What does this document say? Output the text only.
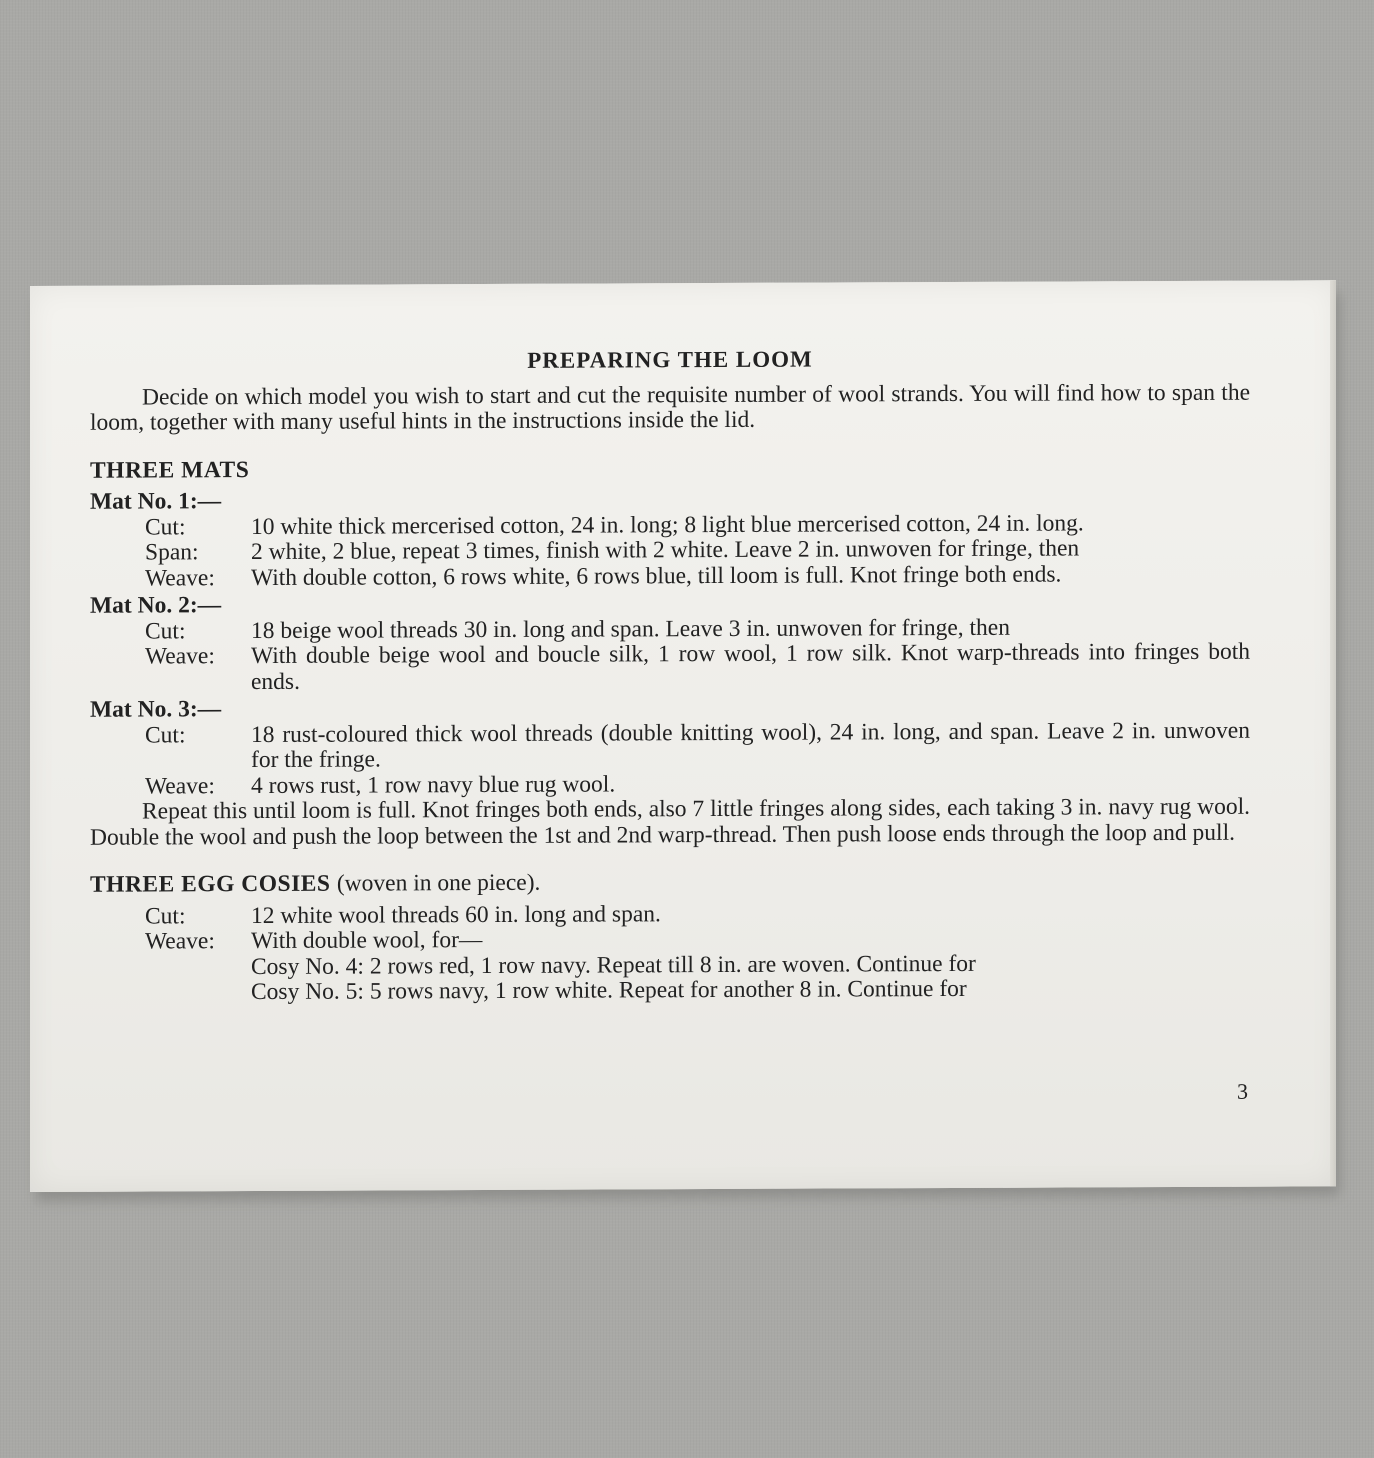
PREPARING THE LOOM

Decide on which model you wish to start and cut the requisite number of wool strands. You will find how to span the loom, together with many useful hints in the instructions inside the lid.

THREE MATS
Mat No. 1:—
Cut:	10 white thick mercerised cotton, 24 in. long; 8 light blue mercerised cotton, 24 in. long.
Span:	2 white, 2 blue, repeat 3 times, finish with 2 white. Leave 2 in. unwoven for fringe, then
Weave:	With double cotton, 6 rows white, 6 rows blue, till loom is full. Knot fringe both ends.
Mat No. 2:—
Cut:	18 beige wool threads 30 in. long and span. Leave 3 in. unwoven for fringe, then
Weave:	With double beige wool and boucle silk, 1 row wool, 1 row silk. Knot warp-threads into fringes both ends.
Mat No. 3:—
Cut:	18 rust-coloured thick wool threads (double knitting wool), 24 in. long, and span. Leave 2 in. unwoven for the fringe.
Weave:	4 rows rust, 1 row navy blue rug wool.

Repeat this until loom is full. Knot fringes both ends, also 7 little fringes along sides, each taking 3 in. navy rug wool. Double the wool and push the loop between the 1st and 2nd warp-thread. Then push loose ends through the loop and pull.

THREE EGG COSIES (woven in one piece).
Cut:	12 white wool threads 60 in. long and span.
Weave:	With double wool, for—
Cosy No. 4: 2 rows red, 1 row navy. Repeat till 8 in. are woven. Continue for
Cosy No. 5: 5 rows navy, 1 row white. Repeat for another 8 in. Continue for
3
